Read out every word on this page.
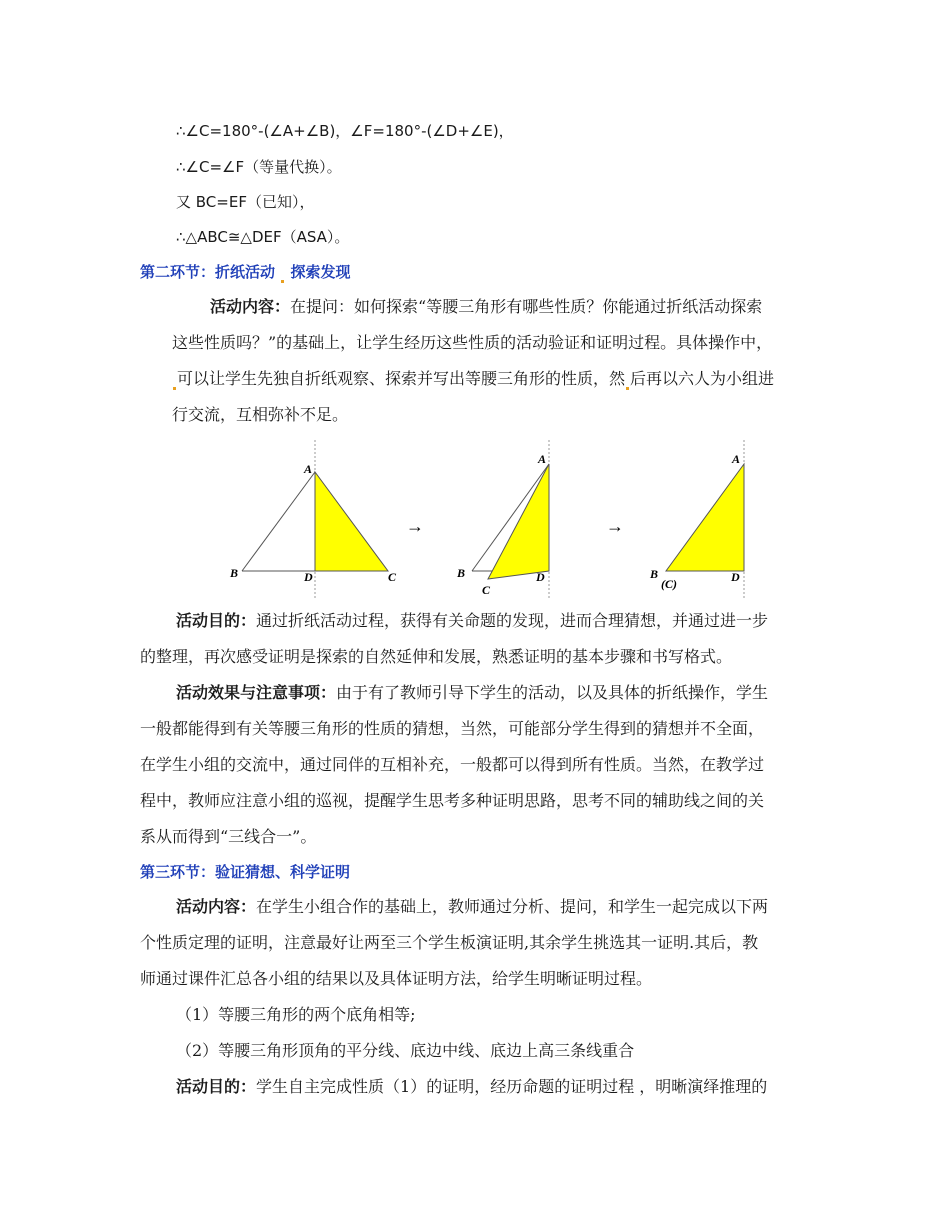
∴∠C=180°-(∠A+∠B)，∠F=180°-(∠D+∠E)，
∴∠C=∠F（等量代换）。
又 BC=EF（已知），
∴△ABC≅△DEF（ASA）。
第二环节：折纸活动 探索发现
活动内容：在提问：如何探索“等腰三角形有哪些性质？你能通过折纸活动探索
这些性质吗？”的基础上，让学生经历这些性质的活动验证和证明过程。具体操作中，
可以让学生先独自折纸观察、探索并写出等腰三角形的性质，然 后再以六人为小组进
行交流，互相弥补不足。
A
B	D	C
→
A
B	D
C
→
A
B
(C)	D
活动目的：通过折纸活动过程，获得有关命题的发现，进而合理猜想，并通过进一步
的整理，再次感受证明是探索的自然延伸和发展，熟悉证明的基本步骤和书写格式。
活动效果与注意事项：由于有了教师引导下学生的活动，以及具体的折纸操作，学生
一般都能得到有关等腰三角形的性质的猜想，当然，可能部分学生得到的猜想并不全面，
在学生小组的交流中，通过同伴的互相补充，一般都可以得到所有性质。当然，在教学过
程中，教师应注意小组的巡视，提醒学生思考多种证明思路，思考不同的辅助线之间的关
系从而得到“三线合一”。
第三环节：验证猜想、科学证明
活动内容：在学生小组合作的基础上，教师通过分析、提问，和学生一起完成以下两
个性质定理的证明，注意最好让两至三个学生板演证明,其余学生挑选其一证明.其后，教
师通过课件汇总各小组的结果以及具体证明方法，给学生明晰证明过程。
（1）等腰三角形的两个底角相等;
（2）等腰三角形顶角的平分线、底边中线、底边上高三条线重合
活动目的：学生自主完成性质（1）的证明，经历命题的证明过程 ，明晰演绎推理的
